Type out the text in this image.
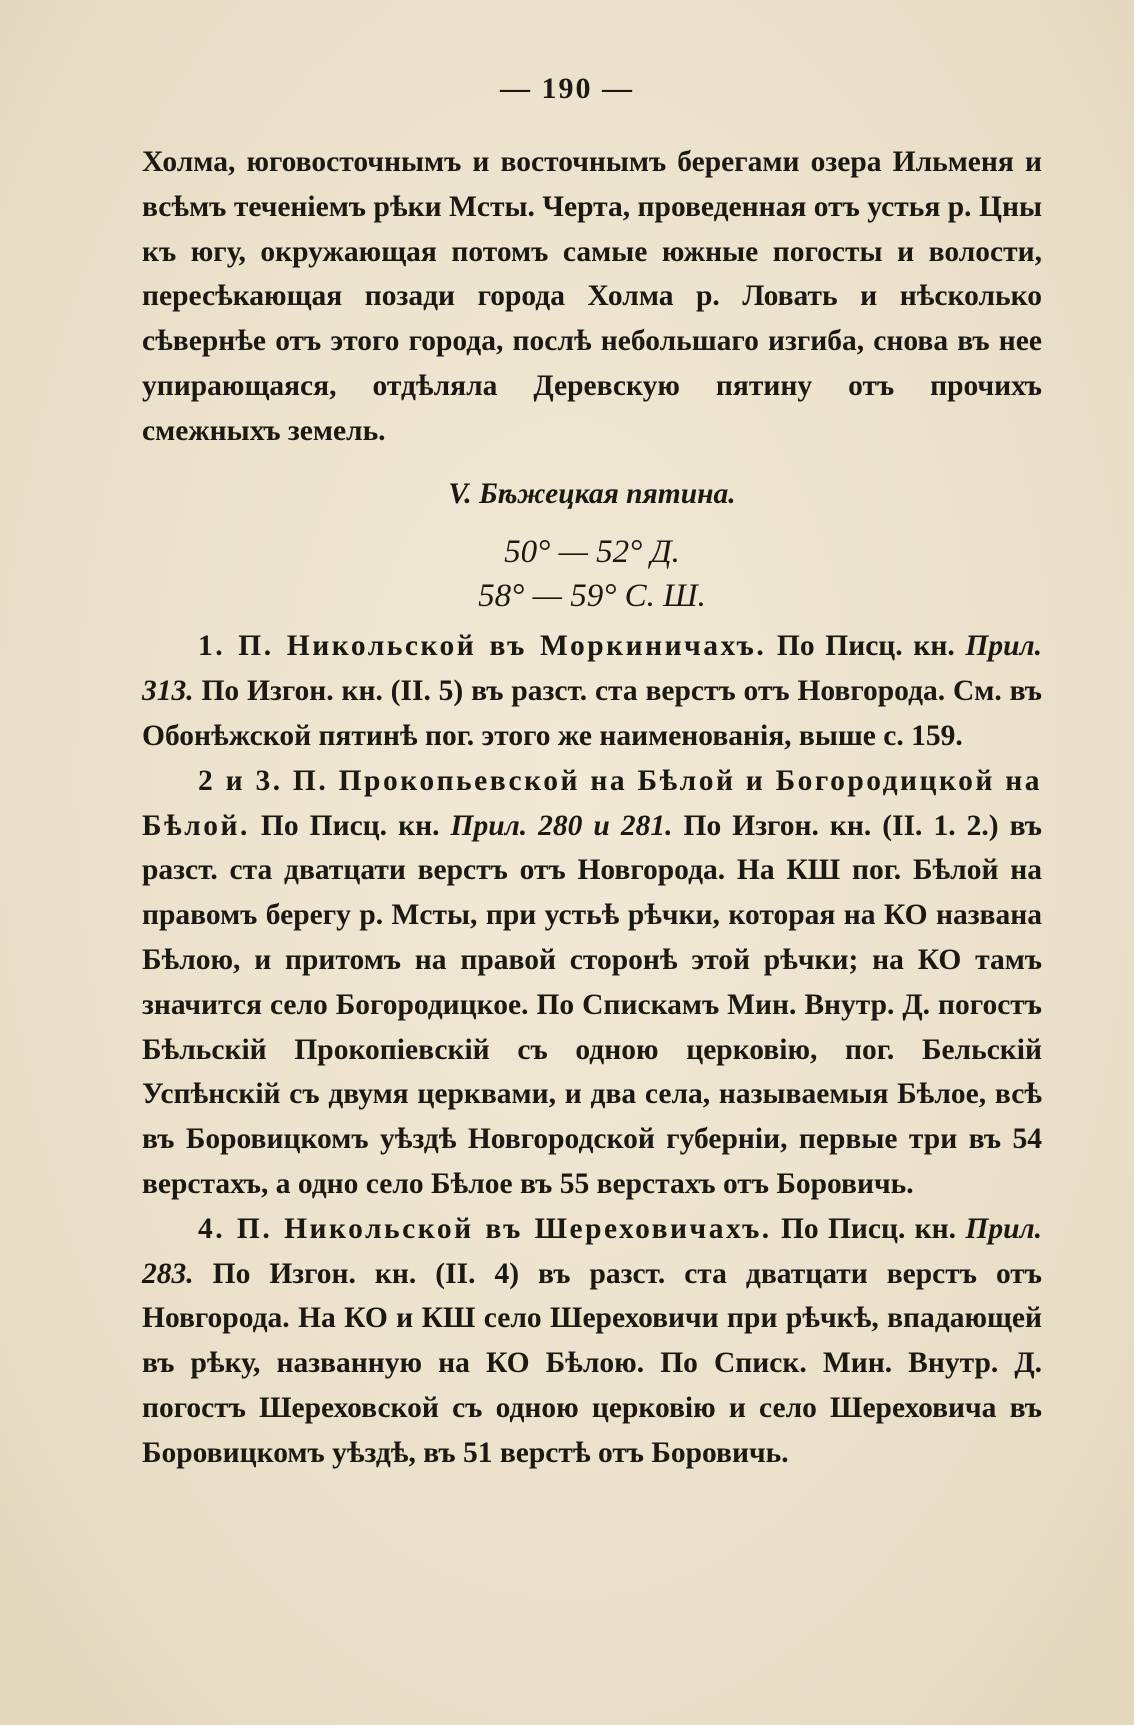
— 190 —

Холма, юговосточнымъ и восточнымъ берегами озера Ильменя и всѣмъ теченіемъ рѣки Мсты. Черта, проведенная отъ устья р. Цны къ югу, окружающая потомъ самые южные погосты и волости, пересѣкающая позади города Холма р. Ловать и нѣсколько сѣвернѣе отъ этого города, послѣ небольшаго изгиба, снова въ нее упирающаяся, отдѣляла Деревскую пятину отъ прочихъ смежныхъ земель.

V. Бѣжецкая пятина.

50° — 52° Д.
58° — 59° С. Ш.

1. П. Никольской въ Моркиничахъ. По Писц. кн. Прил. 313. По Изгон. кн. (II. 5) въ разст. ста верстъ отъ Новгорода. См. въ Обонѣжской пятинѣ пог. этого же наименованія, выше с. 159.

2 и 3. П. Прокопьевской на Бѣлой и Богородицкой на Бѣлой. По Писц. кн. Прил. 280 и 281. По Изгон. кн. (II. 1. 2.) въ разст. ста дватцати верстъ отъ Новгорода. На КШ пог. Бѣлой на правомъ берегу р. Мсты, при устьѣ рѣчки, которая на КО названа Бѣлою, и притомъ на правой сторонѣ этой рѣчки; на КО тамъ значится село Богородицкое. По Спискамъ Мин. Внутр. Д. погостъ Бѣльскій Прокопіевскій съ одною церковію, пог. Бельскій Успѣнскій съ двумя церквами, и два села, называемыя Бѣлое, всѣ въ Боровицкомъ уѣздѣ Новгородской губерніи, первые три въ 54 верстахъ, а одно село Бѣлое въ 55 верстахъ отъ Боровичь.

4. П. Никольской въ Шереховичахъ. По Писц. кн. Прил. 283. По Изгон. кн. (II. 4) въ разст. ста дватцати верстъ отъ Новгорода. На КО и КШ село Шереховичи при рѣчкѣ, впадающей въ рѣку, названную на КО Бѣлою. По Списк. Мин. Внутр. Д. погостъ Шереховской съ одною церковію и село Шереховича въ Боровицкомъ уѣздѣ, въ 51 верстѣ отъ Боровичь.
